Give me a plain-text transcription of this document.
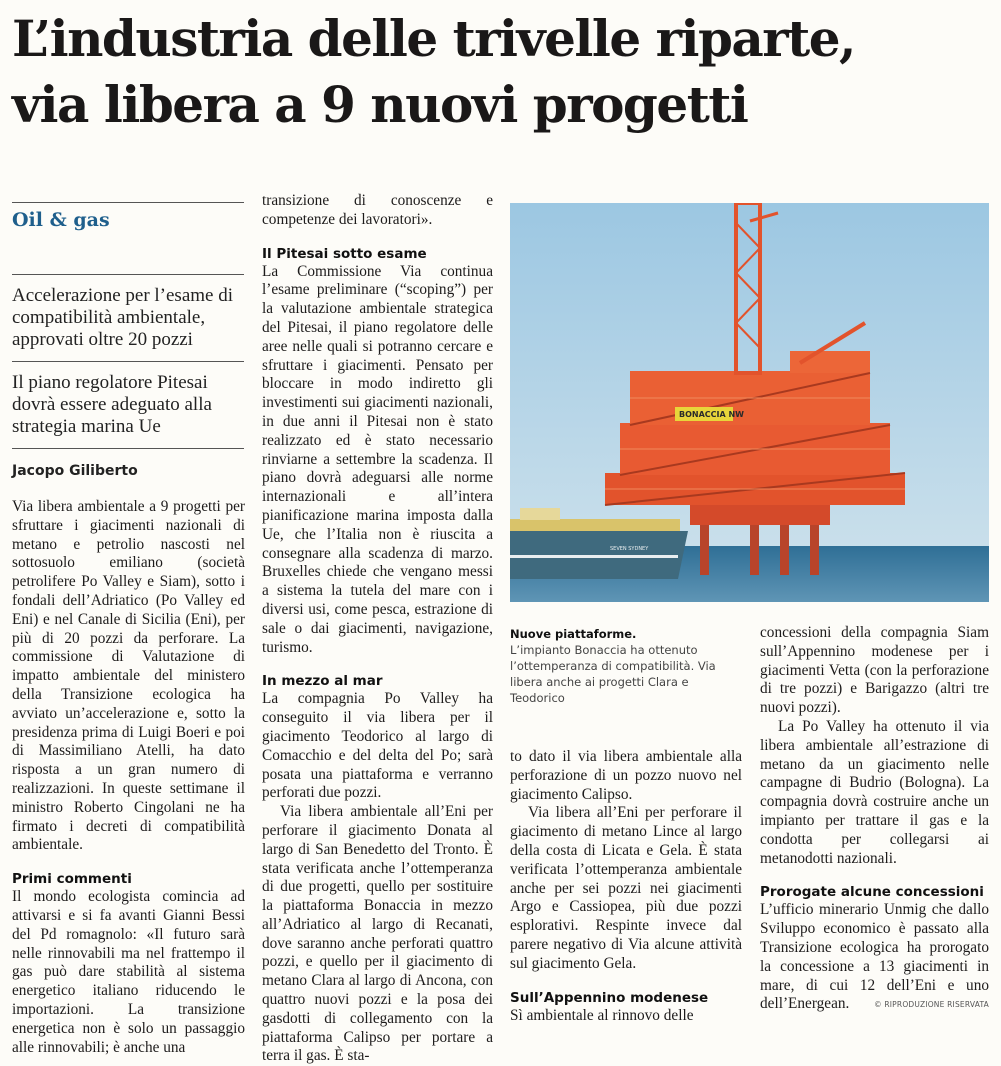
L’industria delle trivelle riparte,
via libera a 9 nuovi progetti
Oil & gas

Accelerazione per l’esame di compatibilità ambientale, approvati oltre 20 pozzi

Il piano regolatore Pitesai dovrà essere adeguato alla strategia marina Ue

Jacopo Giliberto

Via libera ambientale a 9 progetti per sfruttare i giacimenti nazionali di metano e petrolio nascosti nel sottosuolo emiliano (società petrolifere Po Valley e Siam), sotto i fondali dell’Adriatico (Po Valley ed Eni) e nel Canale di Sicilia (Eni), per più di 20 pozzi da perforare. La commissione di Valutazione di impatto ambientale del ministero della Transizione ecologica ha avviato un’accelerazione e, sotto la presidenza prima di Luigi Boeri e poi di Massimiliano Atelli, ha dato risposta a un gran numero di realizzazioni. In queste settimane il ministro Roberto Cingolani ne ha firmato i decreti di compatibilità ambientale.

Primi commenti

Il mondo ecologista comincia ad attivarsi e si fa avanti Gianni Bessi del Pd romagnolo: «Il futuro sarà nelle rinnovabili ma nel frattempo il gas può dare stabilità al sistema energetico italiano riducendo le importazioni. La transizione energetica non è solo un passaggio alle rinnovabili; è anche una

transizione di conoscenze e competenze dei lavoratori».

Il Pitesai sotto esame

La Commissione Via continua l’esame preliminare (“scoping”) per la valutazione ambientale strategica del Pitesai, il piano regolatore delle aree nelle quali si potranno cercare e sfruttare i giacimenti. Pensato per bloccare in modo indiretto gli investimenti sui giacimenti nazionali, in due anni il Pitesai non è stato realizzato ed è stato necessario rinviarne a settembre la scadenza. Il piano dovrà adeguarsi alle norme internazionali e all’intera pianificazione marina imposta dalla Ue, che l’Italia non è riuscita a consegnare alla scadenza di marzo. Bruxelles chiede che vengano messi a sistema la tutela del mare con i diversi usi, come pesca, estrazione di sale o dai giacimenti, navigazione, turismo.

In mezzo al mar

La compagnia Po Valley ha conseguito il via libera per il giacimento Teodorico al largo di Comacchio e del delta del Po; sarà posata una piattaforma e verranno perforati due pozzi.

Via libera ambientale all’Eni per perforare il giacimento Donata al largo di San Benedetto del Tronto. È stata verificata anche l’ottemperanza di due progetti, quello per sostituire la piattaforma Bonaccia in mezzo all’Adriatico al largo di Recanati, dove saranno anche perforati quattro pozzi, e quello per il giacimento di metano Clara al largo di Ancona, con quattro nuovi pozzi e la posa dei gasdotti di collegamento con la piattaforma Calipso per portare a terra il gas. È sta-

SEVEN SYDNEY
BONACCIA NW
Nuove piattaforme.
L’impianto Bonaccia ha ottenuto l’ottemperanza di compatibilità. Via libera anche ai progetti Clara e Teodorico

to dato il via libera ambientale alla perforazione di un pozzo nuovo nel giacimento Calipso.

Via libera all’Eni per perforare il giacimento di metano Lince al largo della costa di Licata e Gela. È stata verificata l’ottemperanza ambientale anche per sei pozzi nei giacimenti Argo e Cassiopea, più due pozzi esplorativi. Respinte invece dal parere negativo di Via alcune attività sul giacimento Gela.

Sull’Appennino modenese

Sì ambientale al rinnovo delle

concessioni della compagnia Siam sull’Appennino modenese per i giacimenti Vetta (con la perforazione di tre pozzi) e Barigazzo (altri tre nuovi pozzi).

La Po Valley ha ottenuto il via libera ambientale all’estrazione di metano da un giacimento nelle campagne di Budrio (Bologna). La compagnia dovrà costruire anche un impianto per trattare il gas e la condotta per collegarsi ai metanodotti nazionali.

Prorogate alcune concessioni

L’ufficio minerario Unmig che dallo Sviluppo economico è passato alla Transizione ecologica ha prorogato la concessione a 13 giacimenti in mare, di cui 12 dell’Eni e uno dell’Energean.	© RIPRODUZIONE RISERVATA
